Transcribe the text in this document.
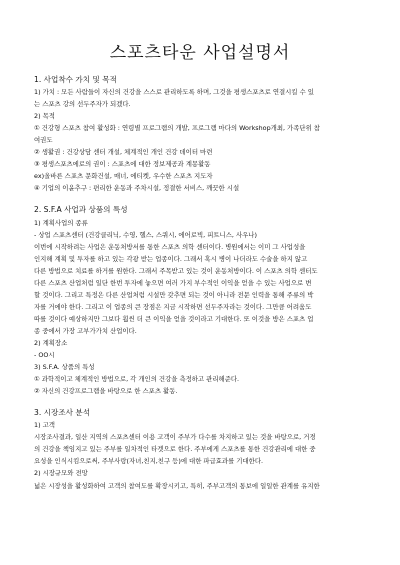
스포츠타운 사업설명서

1. 사업착수 가치 및 목적

1) 가치 : 모든 사람들이 자신의 건강을 스스로 관리하도록 하며, 그것을 평생스포츠로 연결시킬 수 있

는 스포츠 강의 선두주자가 되겠다.

2) 목적

① 건강형 스포츠 참여 활성화 : 연령별 프로그램의 개발, 프로그램 마다의 Workshop개최, 가족단위 참

여권도

② 생활권 : 건강상담 센터 개설, 체계적인 개인 건강 데이터 마련

③ 평생스포츠에로의 권이 : 스포츠에 대한 정보제공과 계몽활동

ex)올바른 스포츠 문화건설, 매너, 에티켓, 우수한 스포츠 지도자

④ 기업의 이윤추구 : 편리한 운동과 주차시설, 정결한 서비스, 깨끗한 시설

2. S.F.A 사업과 상품의 특성

1) 계획사업의 종류

- 상업 스포츠센터 (건강클리닉, 수영, 헬스, 스쿼시, 에어로빅, 피트니스, 사우나)

이번에 시작하려는 사업은 운동처방서를 통한 스포츠 의학 센터이다. 병원에서는 이미 그 사업성을

인지해 계획 및 투자를 하고 있는 각광 받는 업종이다. 그래서 혹시 병이 나더라도 수술을 하지 않고

다른 방법으로 치료를 하거를 원한다. 그래서 주목받고 있는 것이 운동처방이다. 이 스포츠 의학 센터도

다른 스포츠 산업처럼 일단 한번 투자에 놓으면 여러 가지 부수적인 이익을 얻을 수 있는 사업으로 변

할 것이다. 그리고 특정은 다른 산업처럼 시설만 갖추면 되는 것이 아니라 전문 인력을 통해 주류의 박

자를 거에야 한다. 그리고 이 업종의 큰 장점은 지금 시작하면 선두주자라는 것이다. 그만큼 어려움도

따를 것이다 예상하지만 그보다 훨씬 더 큰 이익을 얻을 것이라고 기대한다. 또 이것을 방은 스포츠 업

종 중에서 가장 고부가가치 산업이다.

2) 계획장소

- OO시

3) S.F.A. 상품의 특성

① 과학적이고 체계적인 방법으로, 각 개인의 건강을 측정하고 관리해준다.

② 자신의 건강프로그램을 바탕으로 한 스포츠 활동.

3. 시장조사 분석

1) 고객

시장조사결과, 일산 지역의 스포츠센터 이용 고객이 주부가 다수를 차지하고 있는 것을 바탕으로, 거경

의 건강을 책임지고 있는 주부를 일차적인 타겟으로 한다. 주부에게 스포츠를 통한 건강관리에 대한 중

요성을 인식시킴으로써, 주부사랑(자녀,친지,친구 등)에 대한 파급효과를 기대한다.

2) 시장규모와 전망

넓은 시장성을 활성화하여 고객의 참여도를 확장시키고, 특히, 주부고객의 통보에 일일한 관계를 유지한
